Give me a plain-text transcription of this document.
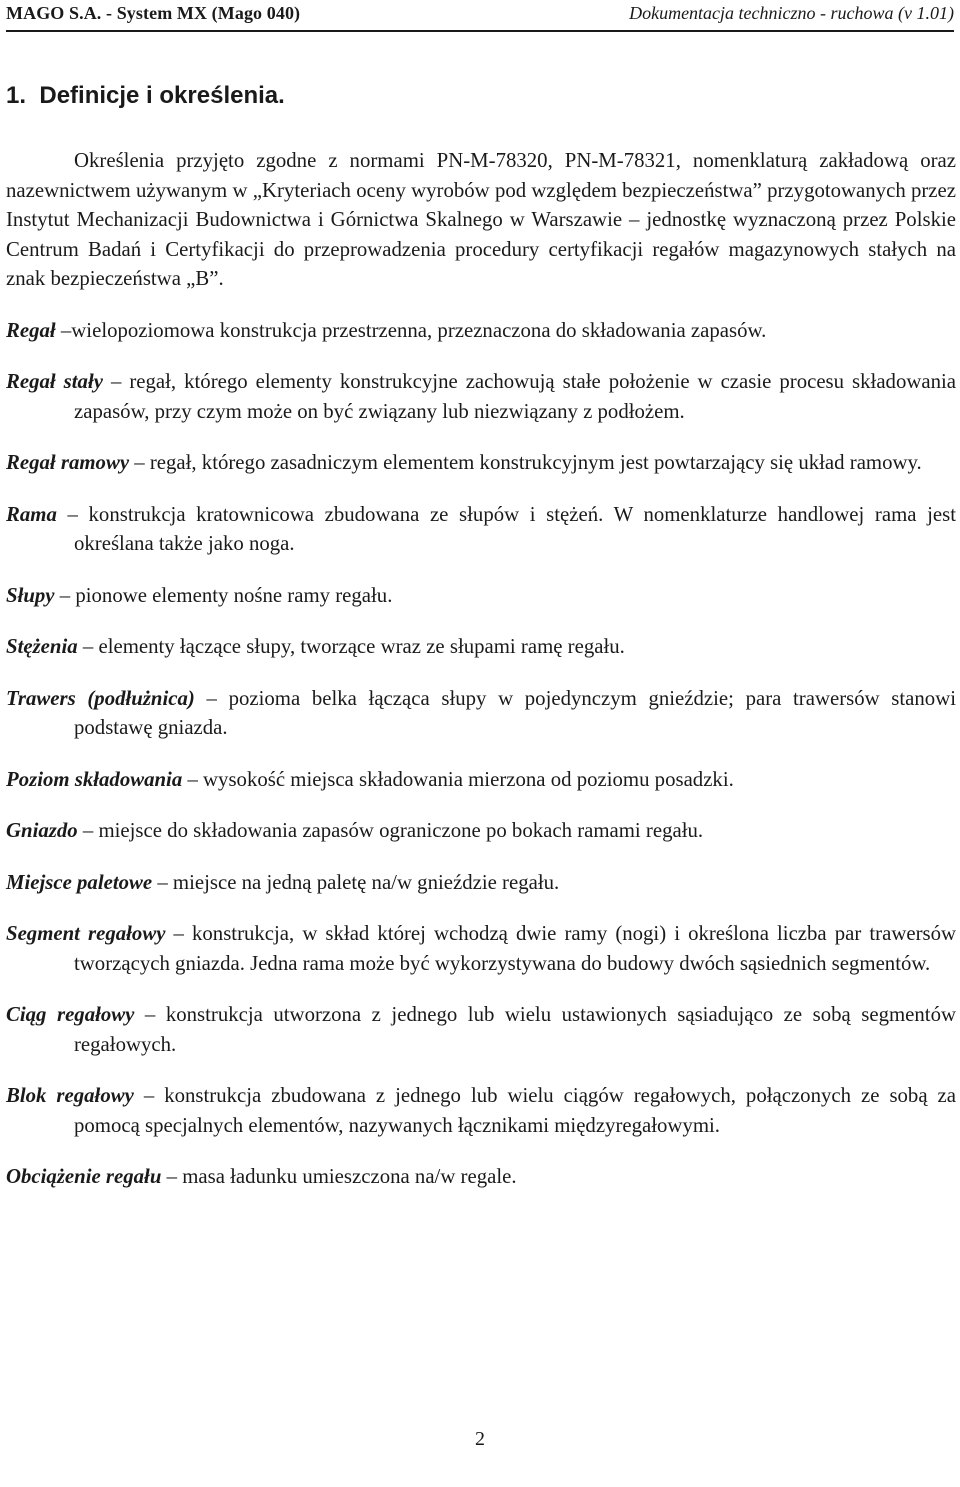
MAGO S.A. - System MX (Mago 040)	Dokumentacja techniczno - ruchowa (v 1.01)
1. Definicje i określenia.

Określenia przyjęto zgodne z normami PN-M-78320, PN-M-78321, nomenklaturą zakładową oraz nazewnictwem używanym w „Kryteriach oceny wyrobów pod względem bezpieczeństwa” przygotowanych przez Instytut Mechanizacji Budownictwa i Górnictwa Skalnego w Warszawie – jednostkę wyznaczoną przez Polskie Centrum Badań i Certyfikacji do przeprowadzenia procedury certyfikacji regałów magazynowych stałych na znak bezpieczeństwa „B”.

Regał –wielopoziomowa konstrukcja przestrzenna, przeznaczona do składowania zapasów.

Regał stały – regał, którego elementy konstrukcyjne zachowują stałe położenie w czasie procesu składowania zapasów, przy czym może on być związany lub niezwiązany z podłożem.

Regał ramowy – regał, którego zasadniczym elementem konstrukcyjnym jest powtarzający się układ ramowy.

Rama – konstrukcja kratownicowa zbudowana ze słupów i stężeń. W nomenklaturze handlowej rama jest określana także jako noga.

Słupy – pionowe elementy nośne ramy regału.

Stężenia – elementy łączące słupy, tworzące wraz ze słupami ramę regału.

Trawers (podłużnica) – pozioma belka łącząca słupy w pojedynczym gnieździe; para trawersów stanowi podstawę gniazda.

Poziom składowania – wysokość miejsca składowania mierzona od poziomu posadzki.

Gniazdo – miejsce do składowania zapasów ograniczone po bokach ramami regału.

Miejsce paletowe – miejsce na jedną paletę na/w gnieździe regału.

Segment regałowy – konstrukcja, w skład której wchodzą dwie ramy (nogi) i określona liczba par trawersów tworzących gniazda. Jedna rama może być wykorzystywana do budowy dwóch sąsiednich segmentów.

Ciąg regałowy – konstrukcja utworzona z jednego lub wielu ustawionych sąsiadująco ze sobą segmentów regałowych.

Blok regałowy – konstrukcja zbudowana z jednego lub wielu ciągów regałowych, połączonych ze sobą za pomocą specjalnych elementów, nazywanych łącznikami międzyregałowymi.

Obciążenie regału – masa ładunku umieszczona na/w regale.

2
